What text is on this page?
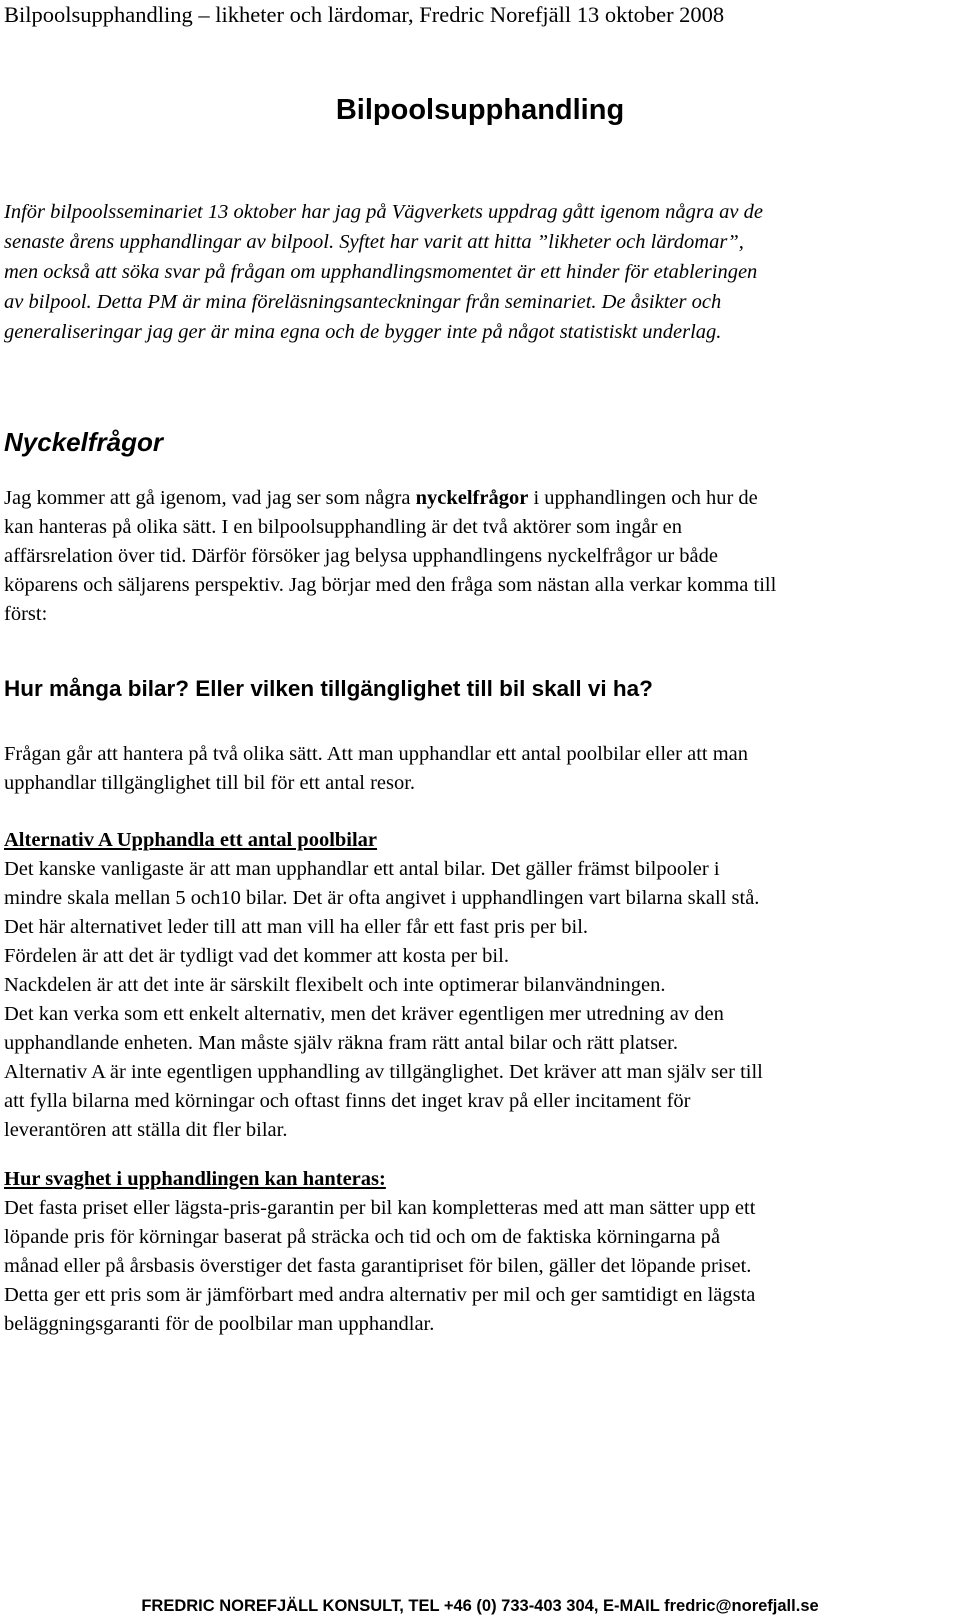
Bilpoolsupphandling – likheter och lärdomar, Fredric Norefjäll 13 oktober 2008
Bilpoolsupphandling

Inför bilpoolsseminariet 13 oktober har jag på Vägverkets uppdrag gått igenom några av de

senaste årens upphandlingar av bilpool. Syftet har varit att hitta ”likheter och lärdomar”,

men också att söka svar på frågan om upphandlingsmomentet är ett hinder för etableringen

av bilpool. Detta PM är mina föreläsningsanteckningar från seminariet. De åsikter och

generaliseringar jag ger är mina egna och de bygger inte på något statistiskt underlag.

Nyckelfrågor

Jag kommer att gå igenom, vad jag ser som några nyckelfrågor i upphandlingen och hur de

kan hanteras på olika sätt. I en bilpoolsupphandling är det två aktörer som ingår en

affärsrelation över tid. Därför försöker jag belysa upphandlingens nyckelfrågor ur både

köparens och säljarens perspektiv. Jag börjar med den fråga som nästan alla verkar komma till

först:

Hur många bilar? Eller vilken tillgänglighet till bil skall vi ha?

Frågan går att hantera på två olika sätt. Att man upphandlar ett antal poolbilar eller att man

upphandlar tillgänglighet till bil för ett antal resor.

Alternativ A Upphandla ett antal poolbilar

Det kanske vanligaste är att man upphandlar ett antal bilar. Det gäller främst bilpooler i

mindre skala mellan 5 och10 bilar. Det är ofta angivet i upphandlingen vart bilarna skall stå.

Det här alternativet leder till att man vill ha eller får ett fast pris per bil.

Fördelen är att det är tydligt vad det kommer att kosta per bil.

Nackdelen är att det inte är särskilt flexibelt och inte optimerar bilanvändningen.

Det kan verka som ett enkelt alternativ, men det kräver egentligen mer utredning av den

upphandlande enheten. Man måste själv räkna fram rätt antal bilar och rätt platser.

Alternativ A är inte egentligen upphandling av tillgänglighet. Det kräver att man själv ser till

att fylla bilarna med körningar och oftast finns det inget krav på eller incitament för

leverantören att ställa dit fler bilar.

Hur svaghet i upphandlingen kan hanteras:

Det fasta priset eller lägsta-pris-garantin per bil kan kompletteras med att man sätter upp ett

löpande pris för körningar baserat på sträcka och tid och om de faktiska körningarna på

månad eller på årsbasis överstiger det fasta garantipriset för bilen, gäller det löpande priset.

Detta ger ett pris som är jämförbart med andra alternativ per mil och ger samtidigt en lägsta

beläggningsgaranti för de poolbilar man upphandlar.

FREDRIC NOREFJÄLL KONSULT, TEL +46 (0) 733-403 304, E-MAIL fredric@norefjall.se
